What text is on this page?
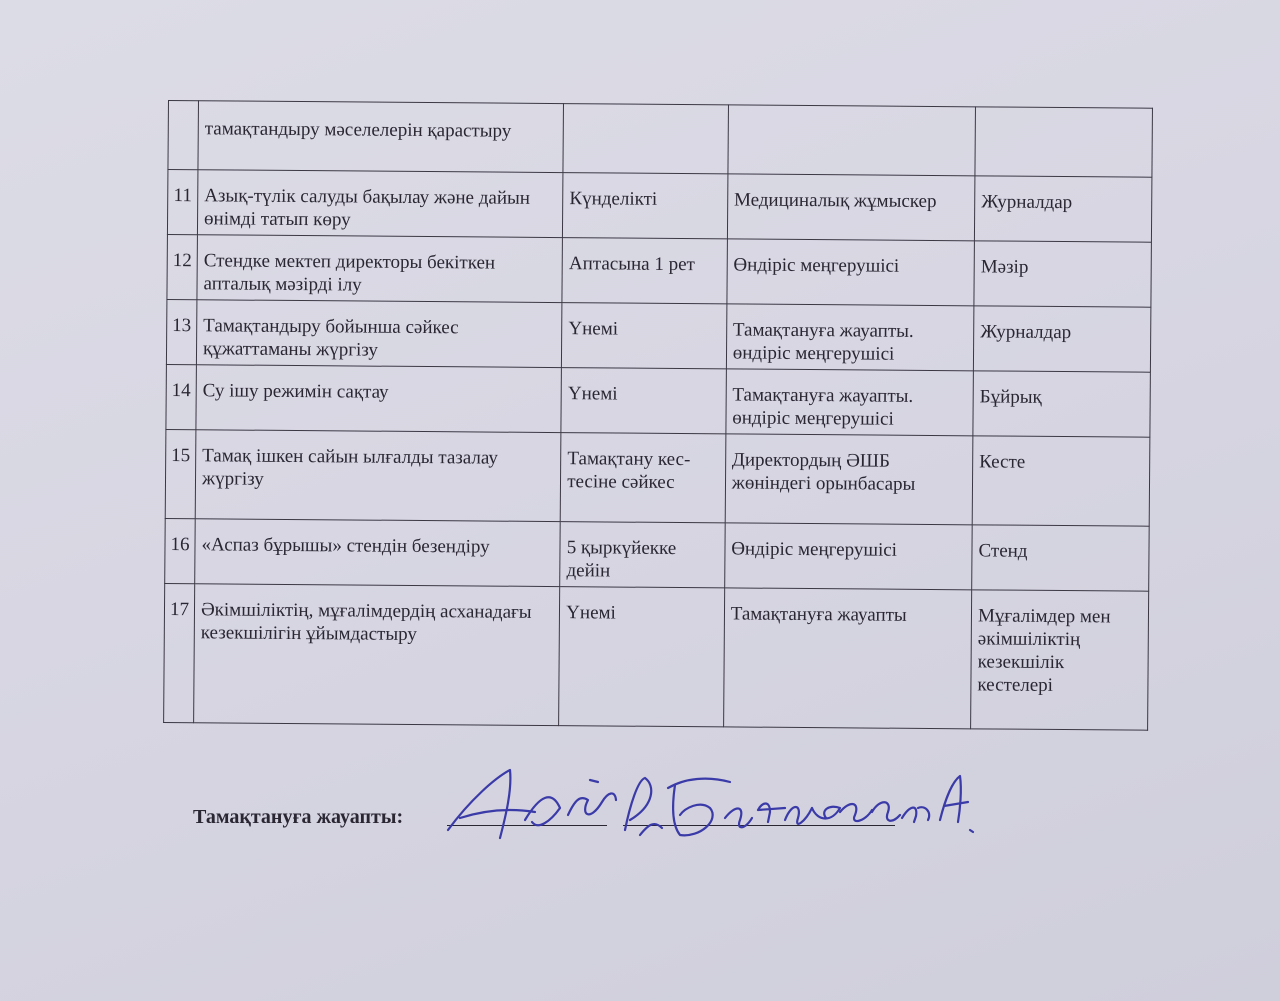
	тамақтандыру мәселелерін қарастыру			
11	Азық-түлік салуды бақылау және дайын өнімді татып көру	Күнделікті	Медициналық жұмыскер	Журналдар
12	Стендке мектеп директоры бекіткен апталық мәзірді ілу	Аптасына 1 рет	Өндіріс меңгерушісі	Мәзір
13	Тамақтандыру бойынша сәйкес құжаттаманы жүргізу	Үнемі	Тамақтануға жауапты. өндіріс меңгерушісі	Журналдар
14	Су ішу режимін сақтау	Үнемі	Тамақтануға жауапты. өндіріс меңгерушісі	Бұйрық
15	Тамақ ішкен сайын ылғалды тазалау жүргізу	Тамақтану кес-тесіне сәйкес	Директордың ӘШБ жөніндегі орынбасары	Кесте
16	«Аспаз бұрышы» стендін безендіру	5 қыркүйекке дейін	Өндіріс меңгерушісі	Стенд
17	Әкімшіліктің, мұғалімдердің асханадағы кезекшілігін ұйымдастыру	Үнемі	Тамақтануға жауапты	Мұғалімдер мен әкімшіліктің кезекшілік кестелері
Тамақтануға жауапты:
